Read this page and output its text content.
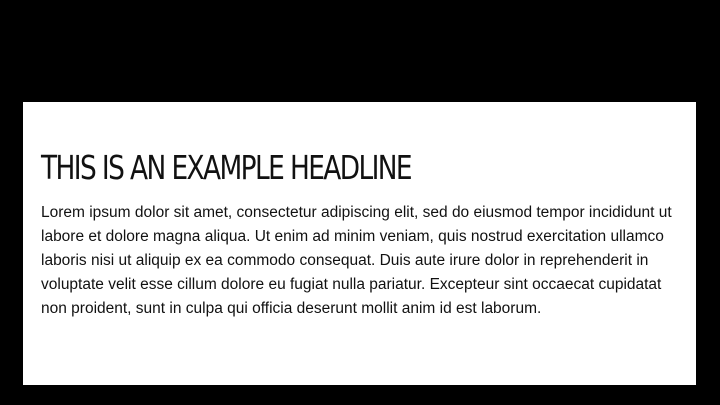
THIS IS AN EXAMPLE HEADLINE

Lorem ipsum dolor sit amet, consectetur adipiscing elit, sed do eiusmod tempor incididunt ut labore et dolore magna aliqua. Ut enim ad minim veniam, quis nostrud exercitation ullamco laboris nisi ut aliquip ex ea commodo consequat. Duis aute irure dolor in reprehenderit in voluptate velit esse cillum dolore eu fugiat nulla pariatur. Excepteur sint occaecat cupidatat non proident, sunt in culpa qui officia deserunt mollit anim id est laborum.
